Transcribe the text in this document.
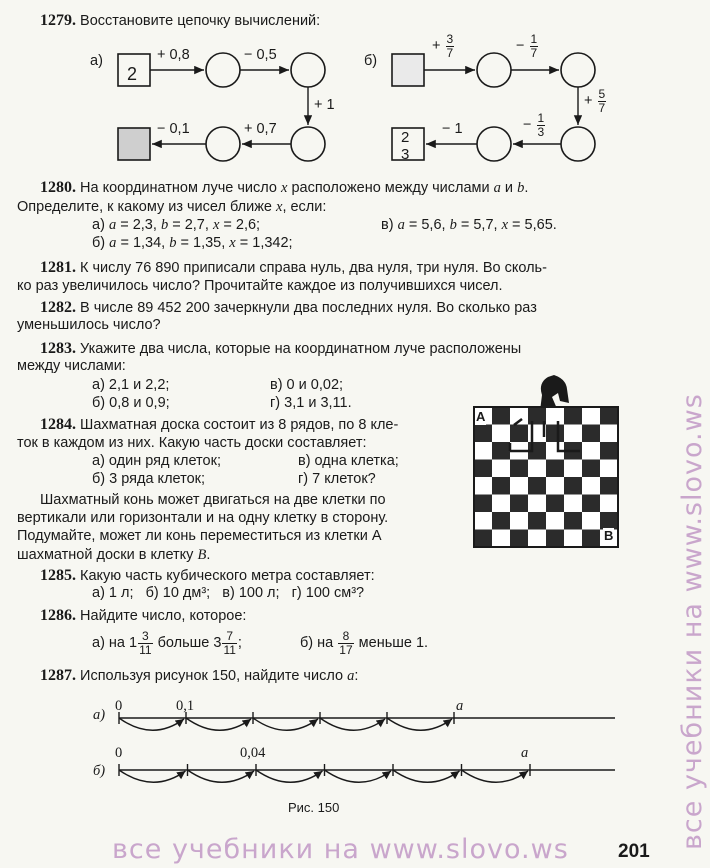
1279. Восстановите цепочку вычислений:
а)
2
+ 0,8	− 0,5
+ 1
+ 0,7
− 0,1
б)
+ $\frac{3}{7}$	− $\frac{1}{7}$
+ $\frac{5}{7}$
− $\frac{1}{3}$
− 1
2
3
1280. На координатном луче число x расположено между числами a и b.
Определите, к какому из чисел ближе x, если:
а) a = 2,3, b = 2,7, x = 2,6;	в) a = 5,6, b = 5,7, x = 5,65.
б) a = 1,34, b = 1,35, x = 1,342;
1281. К числу 76 890 приписали справа нуль, два нуля, три нуля. Во сколь-
ко раз увеличилось число? Прочитайте каждое из получившихся чисел.
1282. В числе 89 452 200 зачеркнули два последних нуля. Во сколько раз
уменьшилось число?
1283. Укажите два числа, которые на координатном луче расположены
между числами:
а) 2,1 и 2,2;	в) 0 и 0,02;
б) 0,8 и 0,9;	г) 3,1 и 3,11.
1284. Шахматная доска состоит из 8 рядов, по 8 кле-
ток в каждом из них. Какую часть доски составляет:
а) один ряд клеток;	в) одна клетка;
б) 3 ряда клеток;	г) 7 клеток?
Шахматный конь может двигаться на две клетки по
вертикали или горизонтали и на одну клетку в сторону.
Подумайте, может ли конь переместиться из клетки A
шахматной доски в клетку B.
A
B
1285. Какую часть кубического метра составляет:
а) 1 л;   б) 10 дм³;   в) 100 л;   г) 100 см³?
1286. Найдите число, которое:
а) на $1 \frac{3}{11}$ больше $3 \frac{7}{11}$ ;	б) на $\frac{8}{17}$ меньше 1.
1287. Используя рисунок 150, найдите число a:
а)
0	0,1	a
б)
0	0,04	a
Рис. 150
201
все учебники на www.slovo.ws
все учебники на www.slovo.ws
